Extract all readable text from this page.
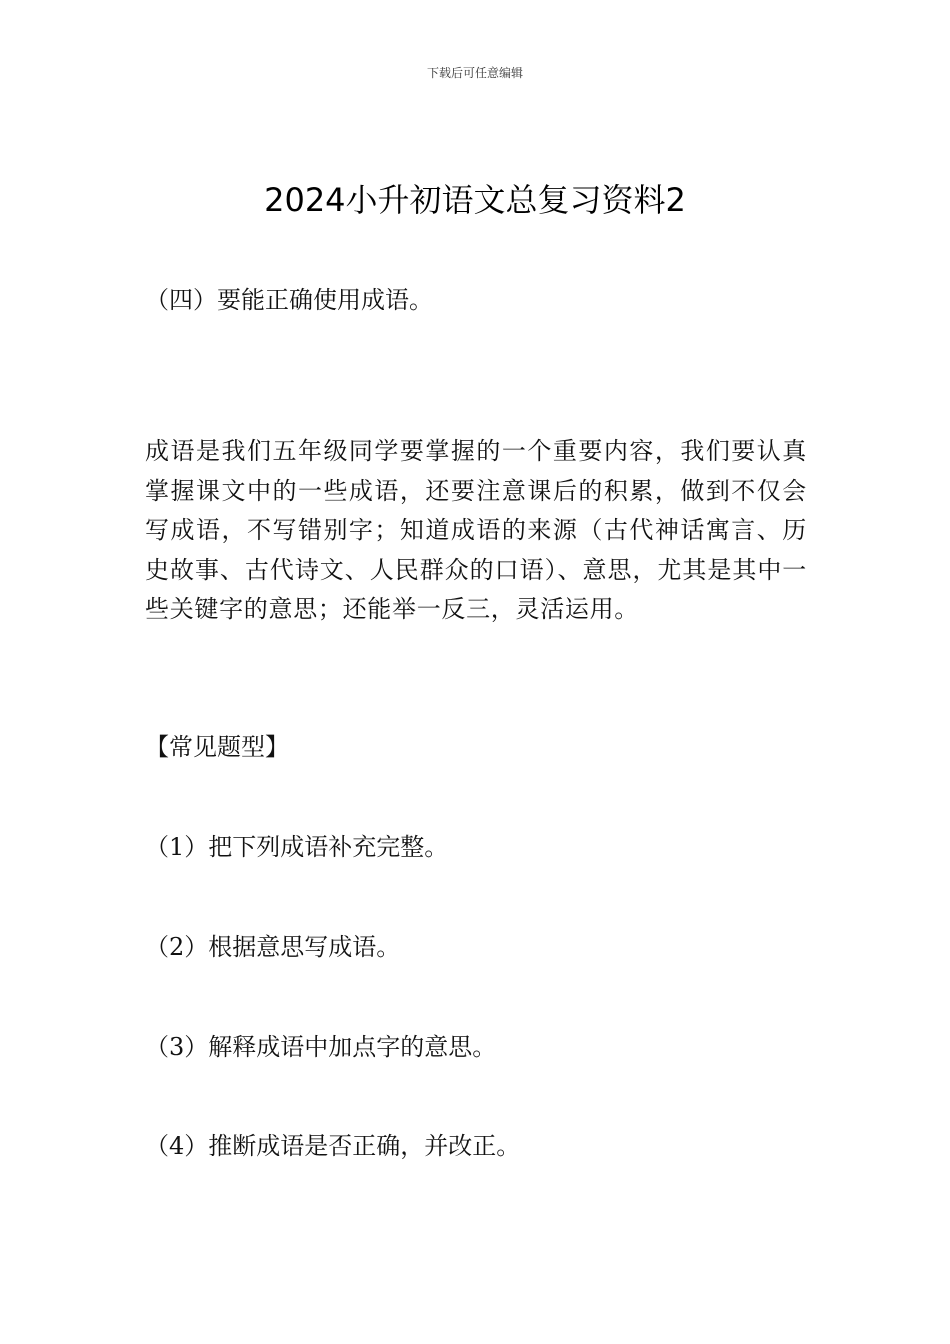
下载后可任意编辑
2024小升初语文总复习资料2
（四）要能正确使用成语。
成语是我们五年级同学要掌握的一个重要内容，我们要认真掌握课文中的一些成语，还要注意课后的积累，做到不仅会写成语，不写错别字；知道成语的来源（古代神话寓言、历史故事、古代诗文、人民群众的口语）、意思，尤其是其中一些关键字的意思；还能举一反三，灵活运用。
【常见题型】
（1）把下列成语补充完整。
（2）根据意思写成语。
（3）解释成语中加点字的意思。
（4）推断成语是否正确，并改正。
